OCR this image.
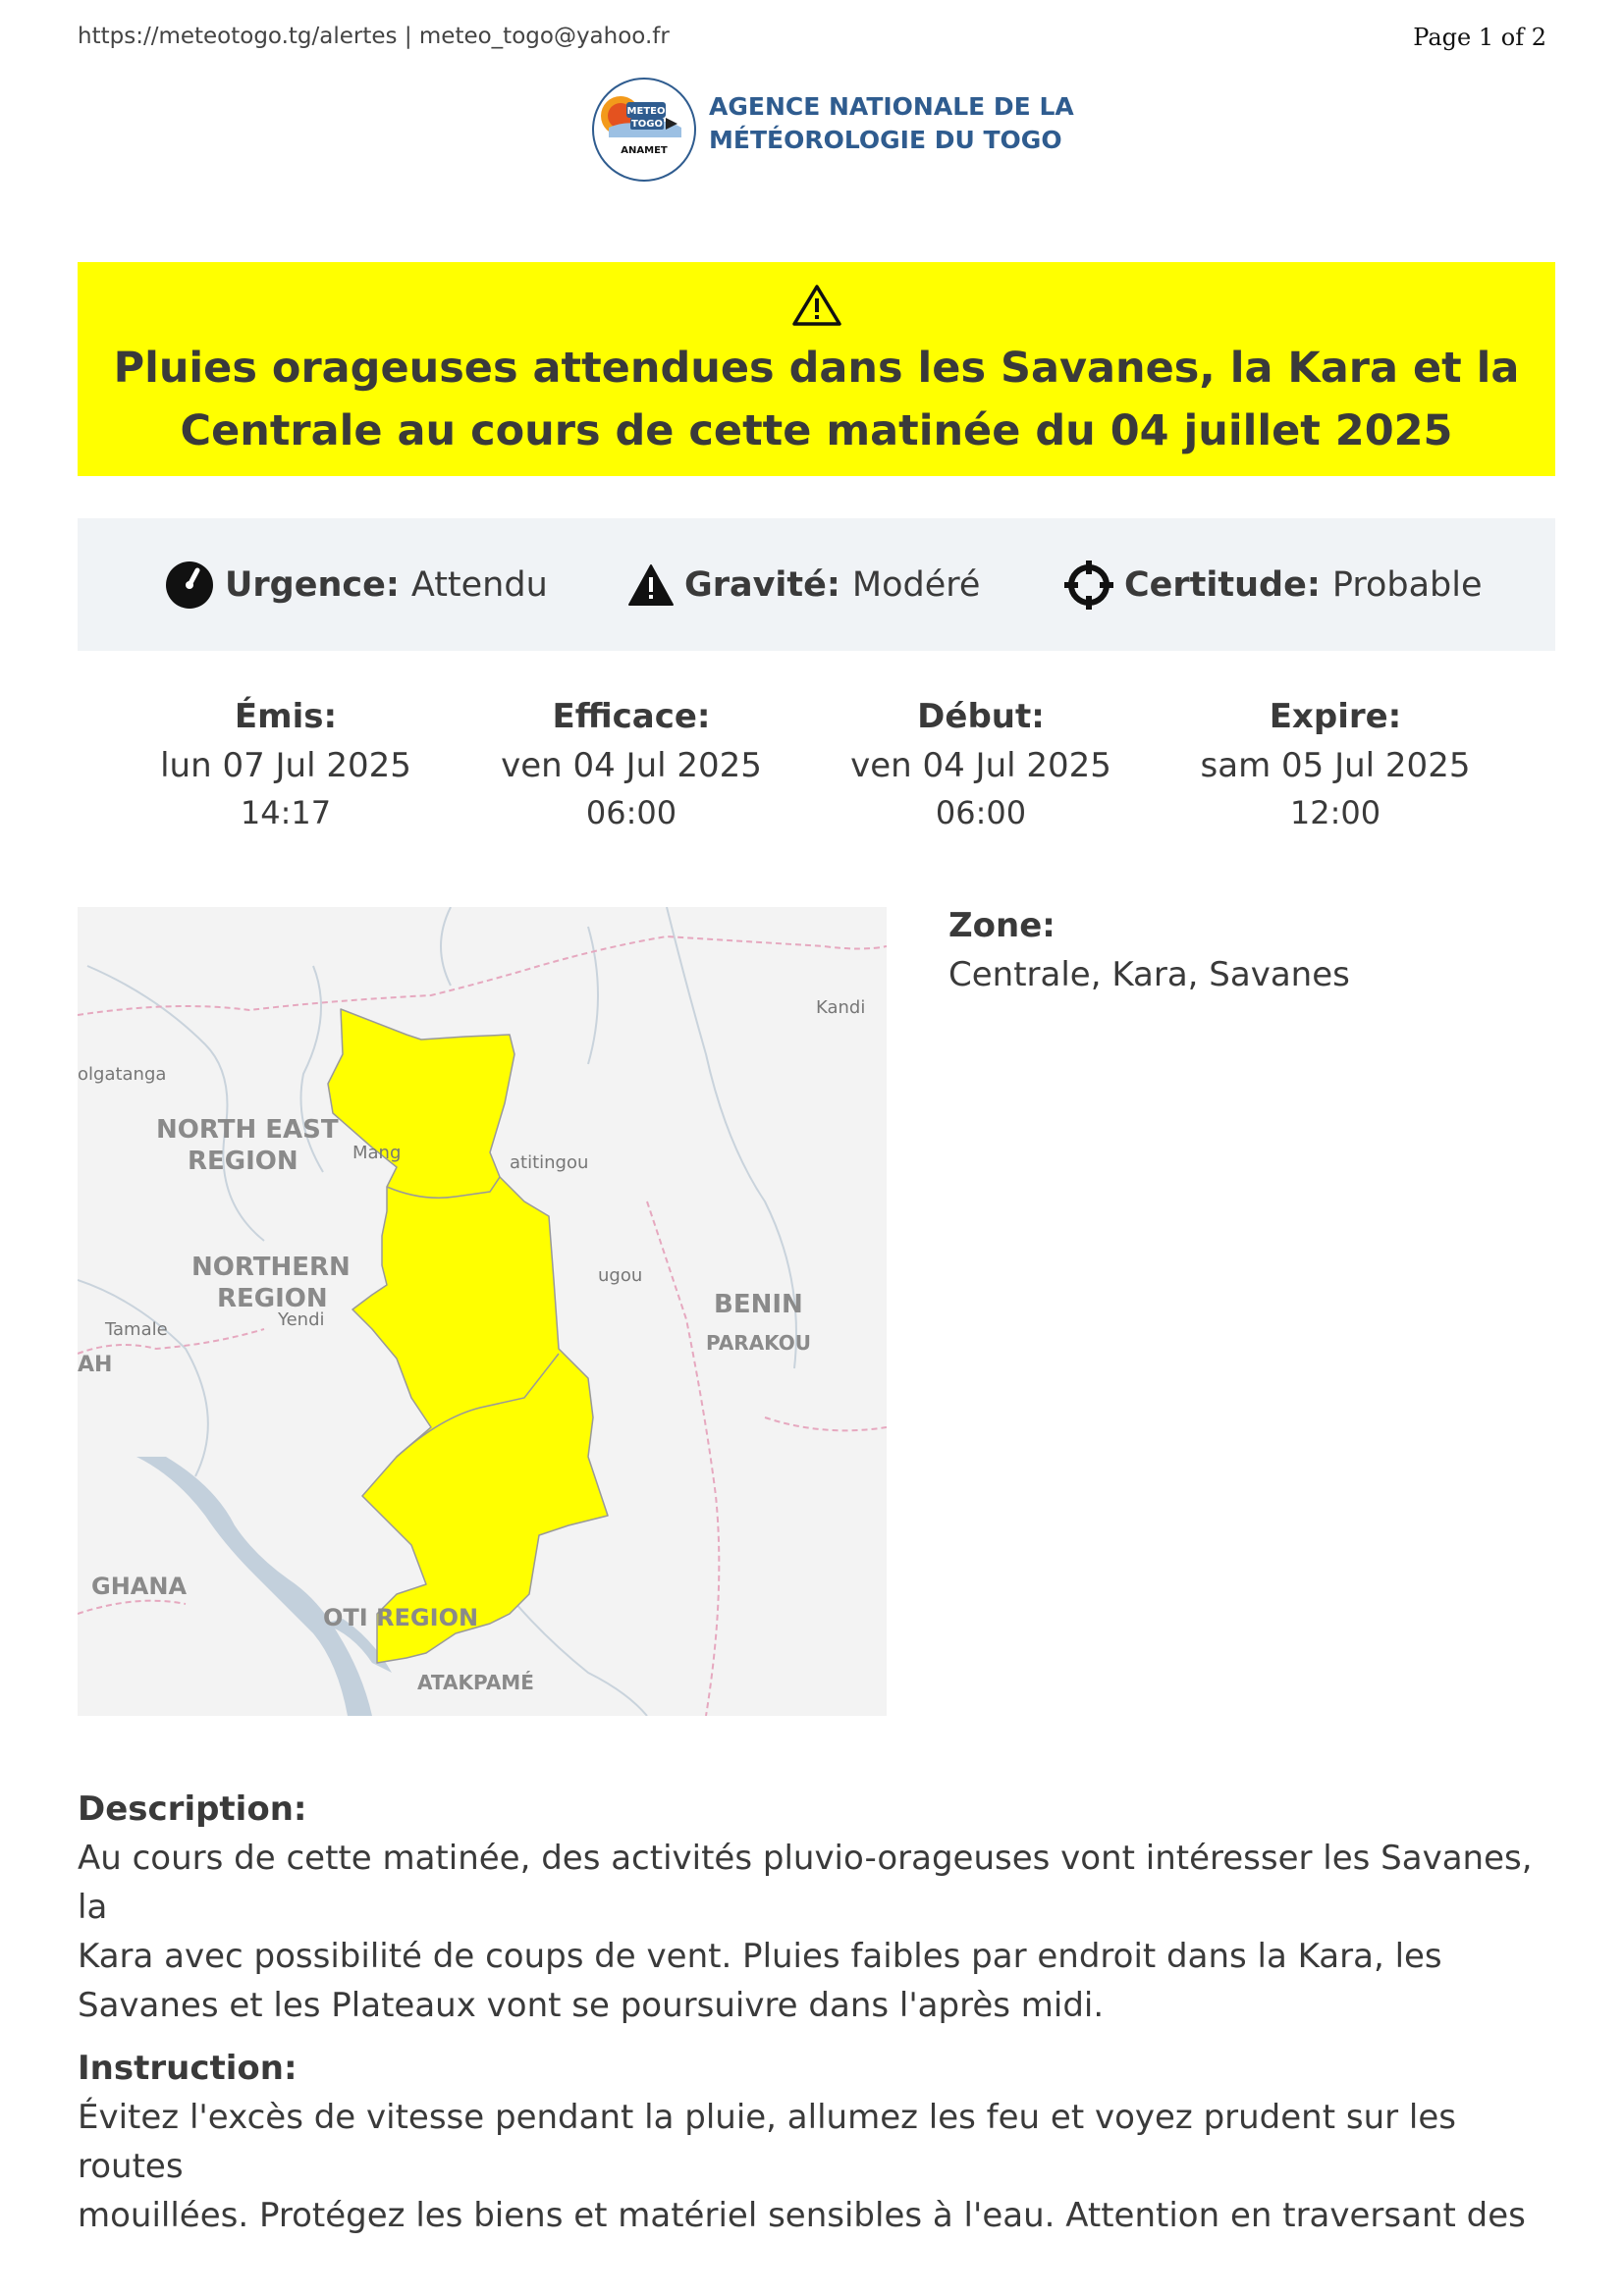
https://meteotogo.tg/alertes | meteo_togo@yahoo.fr	Page 1 of 2
METEO
TOGO
ANAMET
AGENCE NATIONALE DE LA
MÉTÉOROLOGIE DU TOGO
Pluies orageuses attendues dans les Savanes, la Kara et la Centrale au cours de cette matinée du 04 juillet 2025
Urgence: Attendu	Gravité: Modéré	Certitude: Probable
Émis:
lun 07 Jul 2025
14:17
Efficace:
ven 04 Jul 2025
06:00
Début:
ven 04 Jul 2025
06:00
Expire:
sam 05 Jul 2025
12:00
Kandi
olgatanga
NORTH EAST
REGION	Mang	atitingou
NORTHERN
REGION
ugou
Yendi
Tamale
BENIN
PARAKOU
AH
GHANA
OTI REGION
ATAKPAMÉ
Zone:
Centrale, Kara, Savanes
Description:
Au cours de cette matinée, des activités pluvio-orageuses vont intéresser les Savanes, la
Kara avec possibilité de coups de vent. Pluies faibles par endroit dans la Kara, les
Savanes et les Plateaux vont se poursuivre dans l'après midi.
Instruction:
Évitez l'excès de vitesse pendant la pluie, allumez les feu et voyez prudent sur les routes
mouillées. Protégez les biens et matériel sensibles à l'eau. Attention en traversant des
